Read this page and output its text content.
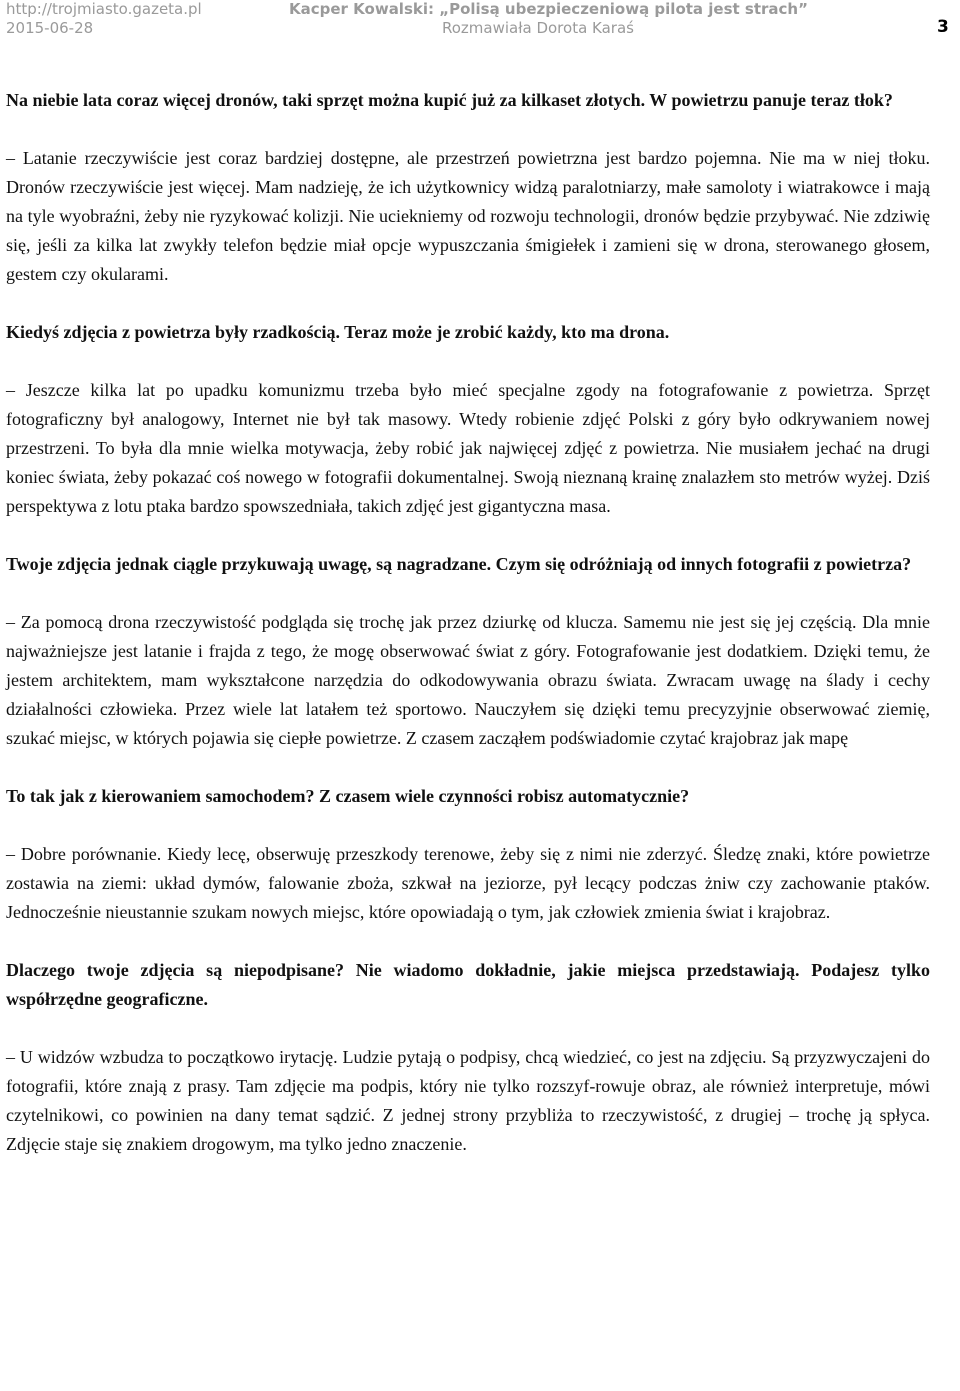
http://trojmiasto.gazeta.pl
2015-06-28
Kacper Kowalski: „Polisą ubezpieczeniową pilota jest strach”
Rozmawiała Dorota Karaś	3

Na niebie lata coraz więcej dronów, taki sprzęt można kupić już za kilkaset złotych. W powietrzu panuje teraz tłok?

– Latanie rzeczywiście jest coraz bardziej dostępne, ale przestrzeń powietrzna jest bardzo pojemna. Nie ma w niej tłoku. Dronów rzeczywiście jest więcej. Mam nadzieję, że ich użytkownicy widzą paralotniarzy, małe samoloty i wiatrakowce i mają na tyle wyobraźni, żeby nie ryzykować kolizji. Nie uciekniemy od rozwoju technologii, dronów będzie przybywać. Nie zdziwię się, jeśli za kilka lat zwykły telefon będzie miał opcje wypuszczania śmigiełek i zamieni się w drona, sterowanego głosem, gestem czy okularami.

Kiedyś zdjęcia z powietrza były rzadkością. Teraz może je zrobić każdy, kto ma drona.

– Jeszcze kilka lat po upadku komunizmu trzeba było mieć specjalne zgody na fotografowanie z powietrza. Sprzęt fotograficzny był analogowy, Internet nie był tak masowy. Wtedy robienie zdjęć Polski z góry było odkrywaniem nowej przestrzeni. To była dla mnie wielka motywacja, żeby robić jak najwięcej zdjęć z powietrza. Nie musiałem jechać na drugi koniec świata, żeby pokazać coś nowego w fotografii dokumentalnej. Swoją nieznaną krainę znalazłem sto metrów wyżej. Dziś perspektywa z lotu ptaka bardzo spowszedniała, takich zdjęć jest gigantyczna masa.

Twoje zdjęcia jednak ciągle przykuwają uwagę, są nagradzane. Czym się odróżniają od innych fotografii z powietrza?

– Za pomocą drona rzeczywistość podgląda się trochę jak przez dziurkę od klucza. Samemu nie jest się jej częścią. Dla mnie najważniejsze jest latanie i frajda z tego, że mogę obserwować świat z góry. Fotografowanie jest dodatkiem. Dzięki temu, że jestem architektem, mam wykształcone narzędzia do odkodowywania obrazu świata. Zwracam uwagę na ślady i cechy działalności człowieka. Przez wiele lat latałem też sportowo. Nauczyłem się dzięki temu precyzyjnie obserwować ziemię, szukać miejsc, w których pojawia się ciepłe powietrze. Z czasem zacząłem podświadomie czytać krajobraz jak mapę

To tak jak z kierowaniem samochodem? Z czasem wiele czynności robisz automatycznie?

– Dobre porównanie. Kiedy lecę, obserwuję przeszkody terenowe, żeby się z nimi nie zderzyć. Śledzę znaki, które powietrze zostawia na ziemi: układ dymów, falowanie zboża, szkwał na jeziorze, pył lecący podczas żniw czy zachowanie ptaków. Jednocześnie nieustannie szukam nowych miejsc, które opowiadają o tym, jak człowiek zmienia świat i krajobraz.

Dlaczego twoje zdjęcia są niepodpisane? Nie wiadomo dokładnie, jakie miejsca przedstawiają. Podajesz tylko współrzędne geograficzne.

– U widzów wzbudza to początkowo irytację. Ludzie pytają o podpisy, chcą wiedzieć, co jest na zdjęciu. Są przyzwyczajeni do fotografii, które znają z prasy. Tam zdjęcie ma podpis, który nie tylko rozszyf-rowuje obraz, ale również interpretuje, mówi czytelnikowi, co powinien na dany temat sądzić. Z jednej strony przybliża to rzeczywistość, z drugiej – trochę ją spłyca. Zdjęcie staje się znakiem drogowym, ma tylko jedno znaczenie.
